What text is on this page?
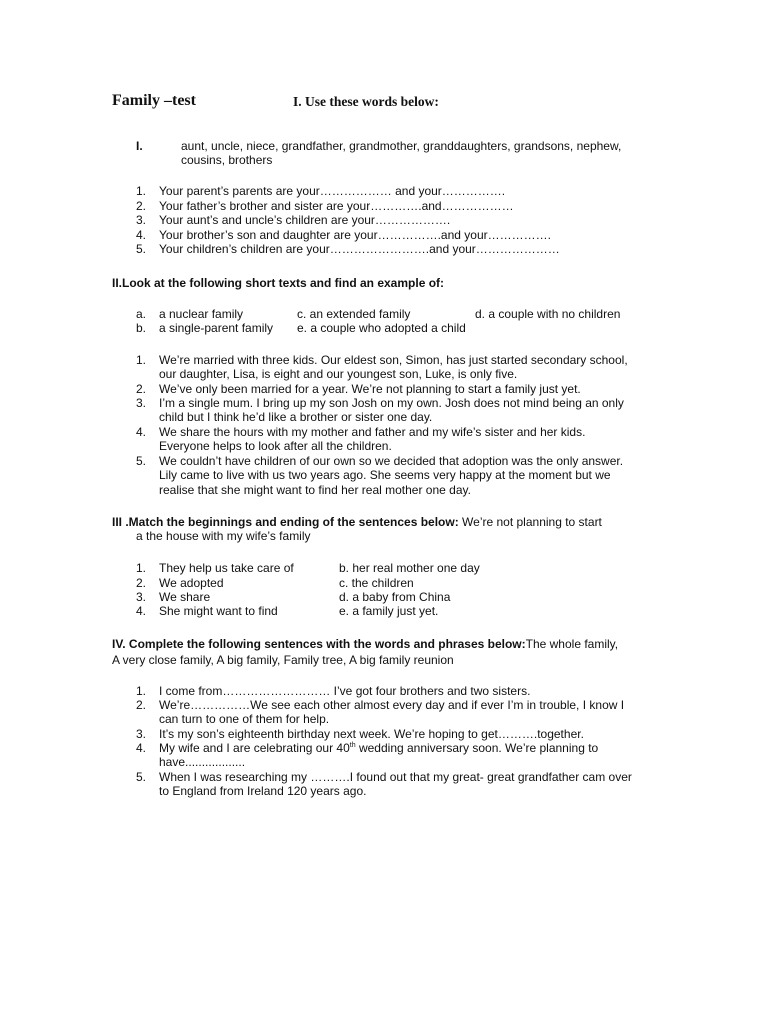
Family –test	I. Use these words below:
I.	aunt, uncle, niece, grandfather, grandmother, granddaughters, grandsons, nephew,
cousins, brothers
1. Your parent’s parents are your……………… and your…………….
2. Your father’s brother and sister are your………….and………………
3. Your aunt’s and uncle’s children are your……………….
4. Your brother’s son and daughter are your…………….and your…………….
5. Your children’s children are your…………………….and your…………………
II.Look at the following short texts and find an example of:
a. a nuclear family	c. an extended family	d. a couple with no children
b. a single-parent family e. a couple who adopted a child
1. We’re married with three kids. Our eldest son, Simon, has just started secondary school,
our daughter, Lisa, is eight and our youngest son, Luke, is only five.
2. We’ve only been married for a year. We’re not planning to start a family just yet.
3. I’m a single mum. I bring up my son Josh on my own. Josh does not mind being an only
child but I think he’d like a brother or sister one day.
4. We share the hours with my mother and father and my wife’s sister and her kids.
Everyone helps to look after all the children.
5. We couldn’t have children of our own so we decided that adoption was the only answer.
Lily came to live with us two years ago. She seems very happy at the moment but we
realise that she might want to find her real mother one day.
III .Match the beginnings and ending of the sentences below: We’re not planning to start
a the house with my wife’s family
1. They help us take care of	b. her real mother one day
2. We adopted	c. the children
3. We share	d. a baby from China
4. She might want to find	e. a family just yet.
IV. Complete the following sentences with the words and phrases below:The whole family,
A very close family, A big family, Family tree, A big family reunion
1. I come from……………………… I’ve got four brothers and two sisters.
2. We’re……………We see each other almost every day and if ever I’m in trouble, I know I
can turn to one of them for help.
3. It’s my son’s eighteenth birthday next week. We’re hoping to get……….together.
4. My wife and I are celebrating our 40th wedding anniversary soon. We’re planning to
have..................
5. When I was researching my ……….I found out that my great- great grandfather cam over
to England from Ireland 120 years ago.
